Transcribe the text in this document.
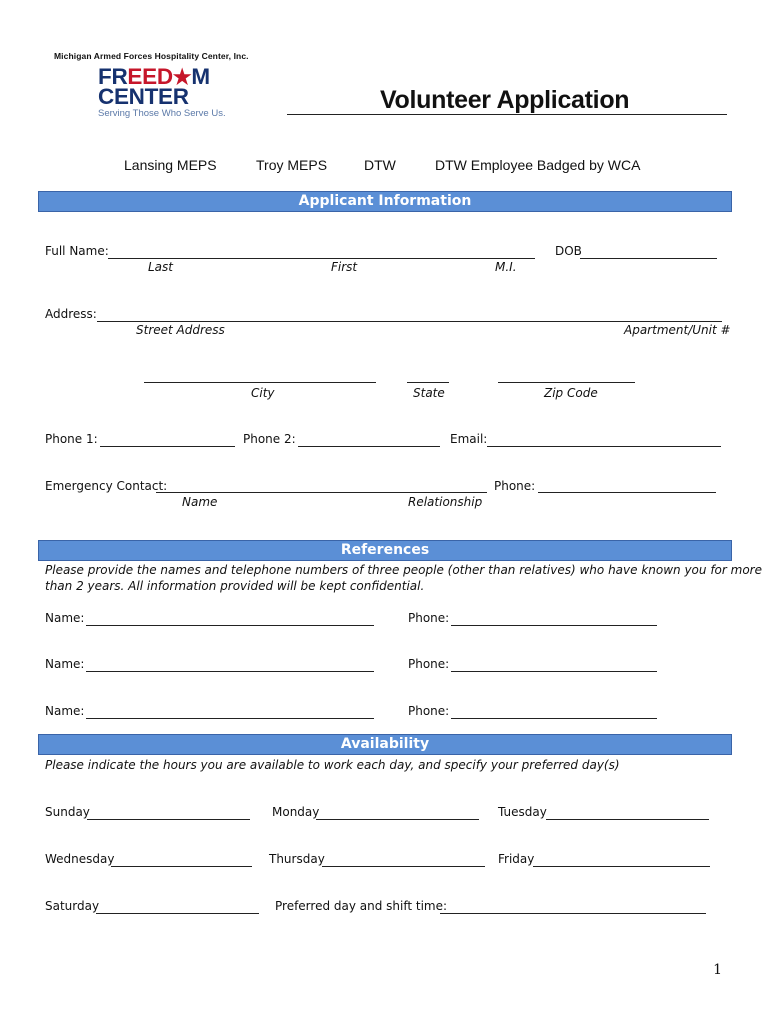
Michigan Armed Forces Hospitality Center, Inc.
FREED★M
CENTER
Serving Those Who Serve Us.	Volunteer Application
Lansing MEPS	Troy MEPS	DTW	DTW Employee Badged by WCA
Applicant Information
Full Name:	DOB
Last	First	M.I.
Address:
Street Address	Apartment/Unit #
City	State	Zip Code
Phone 1:	Phone 2:	Email:
Emergency Contact:	Phone:
Name	Relationship
References
Please provide the names and telephone numbers of three people (other than relatives) who have known you for more
than 2 years. All information provided will be kept confidential.
Name:	Phone:
Name:	Phone:
Name:	Phone:
Availability
Please indicate the hours you are available to work each day, and specify your preferred day(s)
Sunday	Monday	Tuesday
Wednesday	Thursday	Friday
Saturday	Preferred day and shift time:
1
